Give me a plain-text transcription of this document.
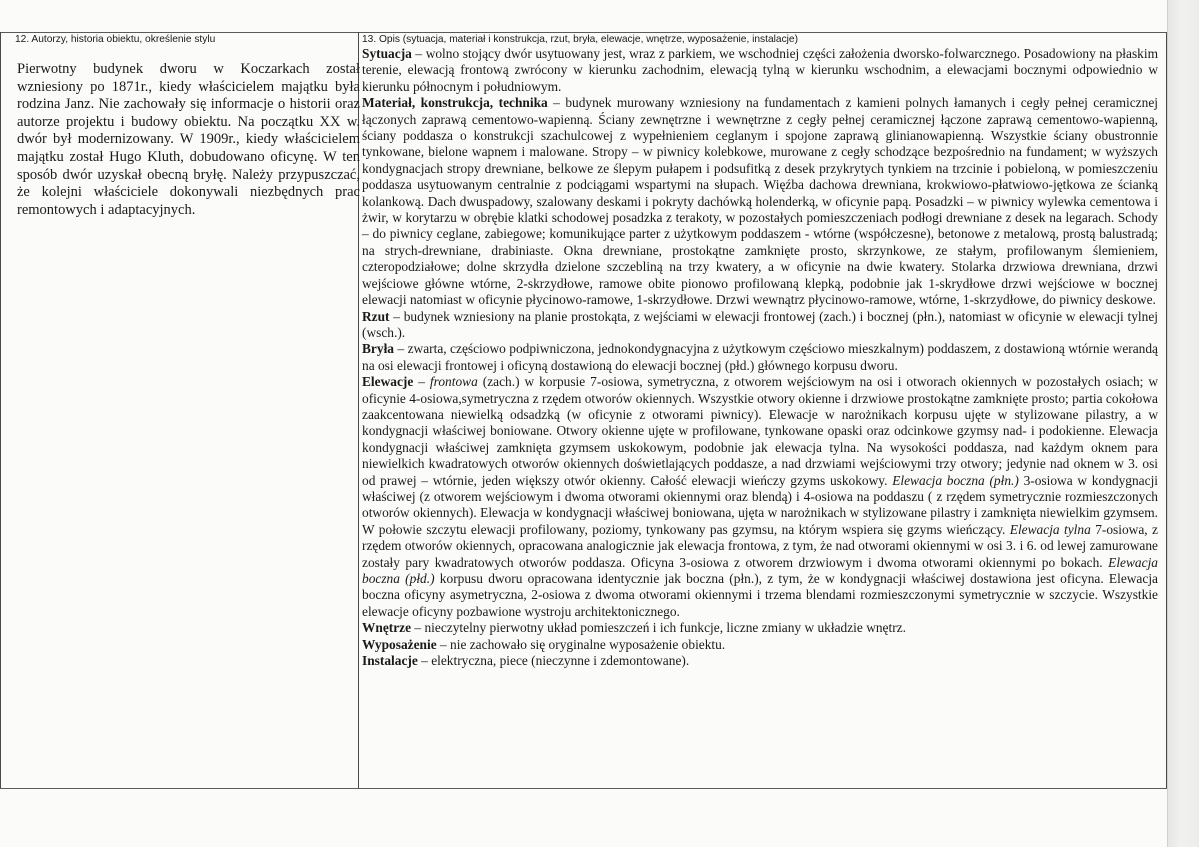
12. Autorzy, historia obiektu, określenie stylu

Pierwotny budynek dworu w Koczarkach został wzniesiony po 1871r., kiedy właścicielem majątku była rodzina Janz. Nie zachowały się informacje o historii oraz autorze projektu i budowy obiektu. Na początku XX w. dwór był modernizowany. W 1909r., kiedy właścicielem majątku został Hugo Kluth, dobudowano oficynę. W ten sposób dwór uzyskał obecną bryłę. Należy przypuszczać, że kolejni właściciele dokonywali niezbędnych prac remontowych i adaptacyjnych.

13. Opis (sytuacja, materiał i konstrukcja, rzut, bryła, elewacje, wnętrze, wyposażenie, instalacje)

Sytuacja – wolno stojący dwór usytuowany jest, wraz z parkiem, we wschodniej części założenia dworsko-folwarcznego. Posadowiony na płaskim terenie, elewacją frontową zwrócony w kierunku zachodnim, elewacją tylną w kierunku wschodnim, a elewacjami bocznymi odpowiednio w kierunku północnym i południowym.

Materiał, konstrukcja, technika – budynek murowany wzniesiony na fundamentach z kamieni polnych łamanych i cegły pełnej ceramicznej łączonych zaprawą cementowo-wapienną. Ściany zewnętrzne i wewnętrzne z cegły pełnej ceramicznej łączone zaprawą cementowo-wapienną, ściany poddasza o konstrukcji szachulcowej z wypełnieniem ceglanym i spojone zaprawą glinianowapienną. Wszystkie ściany obustronnie tynkowane, bielone wapnem i malowane. Stropy – w piwnicy kolebkowe, murowane z cegły schodzące bezpośrednio na fundament; w wyższych kondygnacjach stropy drewniane, belkowe ze ślepym pułapem i podsufitką z desek przykrytych tynkiem na trzcinie i pobieloną, w pomieszczeniu poddasza usytuowanym centralnie z podciągami wspartymi na słupach. Więźba dachowa drewniana, krokwiowo-płatwiowo-jętkowa ze ścianką kolankową. Dach dwuspadowy, szalowany deskami i pokryty dachówką holenderką, w oficynie papą. Posadzki – w piwnicy wylewka cementowa i żwir, w korytarzu w obrębie klatki schodowej posadzka z terakoty, w pozostałych pomieszczeniach podłogi drewniane z desek na legarach. Schody – do piwnicy ceglane, zabiegowe; komunikujące parter z użytkowym poddaszem - wtórne (współczesne), betonowe z metalową, prostą balustradą; na strych-drewniane, drabiniaste. Okna drewniane, prostokątne zamknięte prosto, skrzynkowe, ze stałym, profilowanym ślemieniem, czteropodziałowe; dolne skrzydła dzielone szczebliną na trzy kwatery, a w oficynie na dwie kwatery. Stolarka drzwiowa drewniana, drzwi wejściowe główne wtórne, 2-skrzydłowe, ramowe obite pionowo profilowaną klepką, podobnie jak 1-skrydłowe drzwi wejściowe w bocznej elewacji natomiast w oficynie płycinowo-ramowe, 1-skrzydłowe. Drzwi wewnątrz płycinowo-ramowe, wtórne, 1-skrzydłowe, do piwnicy deskowe.

Rzut – budynek wzniesiony na planie prostokąta, z wejściami w elewacji frontowej (zach.) i bocznej (płn.), natomiast w oficynie w elewacji tylnej (wsch.).

Bryła – zwarta, częściowo podpiwniczona, jednokondygnacyjna z użytkowym częściowo mieszkalnym) poddaszem, z dostawioną wtórnie werandą na osi elewacji frontowej i oficyną dostawioną do elewacji bocznej (płd.) głównego korpusu dworu.

Elewacje – frontowa (zach.) w korpusie 7-osiowa, symetryczna, z otworem wejściowym na osi i otworach okiennych w pozostałych osiach; w oficynie 4-osiowa,symetryczna z rzędem otworów okiennych. Wszystkie otwory okienne i drzwiowe prostokątne zamknięte prosto; partia cokołowa zaakcentowana niewielką odsadzką (w oficynie z otworami piwnicy). Elewacje w narożnikach korpusu ujęte w stylizowane pilastry, a w kondygnacji właściwej boniowane. Otwory okienne ujęte w profilowane, tynkowane opaski oraz odcinkowe gzymsy nad- i podokienne. Elewacja kondygnacji właściwej zamknięta gzymsem uskokowym, podobnie jak elewacja tylna. Na wysokości poddasza, nad każdym oknem para niewielkich kwadratowych otworów okiennych doświetlających poddasze, a nad drzwiami wejściowymi trzy otwory; jedynie nad oknem w 3. osi od prawej – wtórnie, jeden większy otwór okienny. Całość elewacji wieńczy gzyms uskokowy. Elewacja boczna (płn.) 3-osiowa w kondygnacji właściwej (z otworem wejściowym i dwoma otworami okiennymi oraz blendą) i 4-osiowa na poddaszu ( z rzędem symetrycznie rozmieszczonych otworów okiennych). Elewacja w kondygnacji właściwej boniowana, ujęta w narożnikach w stylizowane pilastry i zamknięta niewielkim gzymsem. W połowie szczytu elewacji profilowany, poziomy, tynkowany pas gzymsu, na którym wspiera się gzyms wieńczący. Elewacja tylna 7-osiowa, z rzędem otworów okiennych, opracowana analogicznie jak elewacja frontowa, z tym, że nad otworami okiennymi w osi 3. i 6. od lewej zamurowane zostały pary kwadratowych otworów poddasza. Oficyna 3-osiowa z otworem drzwiowym i dwoma otworami okiennymi po bokach. Elewacja boczna (płd.) korpusu dworu opracowana identycznie jak boczna (płn.), z tym, że w kondygnacji właściwej dostawiona jest oficyna. Elewacja boczna oficyny asymetryczna, 2-osiowa z dwoma otworami okiennymi i trzema blendami rozmieszczonymi symetrycznie w szczycie. Wszystkie elewacje oficyny pozbawione wystroju architektonicznego.

Wnętrze – nieczytelny pierwotny układ pomieszczeń i ich funkcje, liczne zmiany w układzie wnętrz.

Wyposażenie – nie zachowało się oryginalne wyposażenie obiektu.

Instalacje – elektryczna, piece (nieczynne i zdemontowane).
